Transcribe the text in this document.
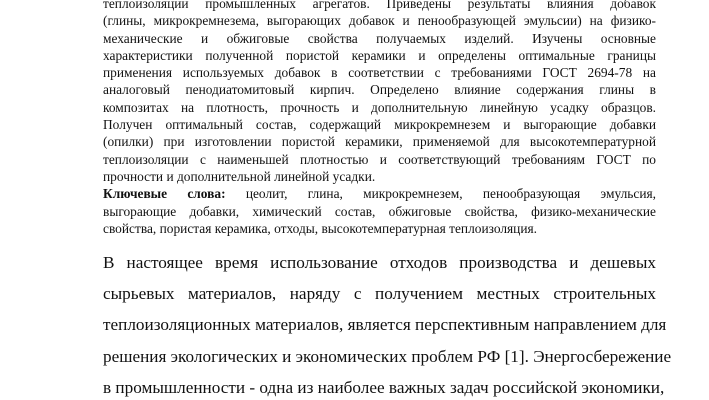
теплоизоляции промышленных агрегатов. Приведены результаты влияния добавок
(глины, микрокремнезема, выгорающих добавок и пенообразующей эмульсии) на физико-
механические и обжиговые свойства получаемых изделий. Изучены основные
характеристики полученной пористой керамики и определены оптимальные границы
применения используемых добавок в соответствии с требованиями ГОСТ 2694-78 на
аналоговый пенодиатомитовый кирпич. Определено влияние содержания глины в
композитах на плотность, прочность и дополнительную линейную усадку образцов.
Получен оптимальный состав, содержащий микрокремнезем и выгорающие добавки
(опилки) при изготовлении пористой керамики, применяемой для высокотемпературной
теплоизоляции с наименьшей плотностью и соответствующий требованиям ГОСТ по
прочности и дополнительной линейной усадки.
Ключевые слова: цеолит, глина, микрокремнезем, пенообразующая эмульсия,
выгорающие добавки, химический состав, обжиговые свойства, физико-механические
свойства, пористая керамика, отходы, высокотемпературная теплоизоляция.
В настоящее время использование отходов производства и дешевых
сырьевых материалов, наряду с получением местных строительных
теплоизоляционных материалов, является перспективным направлением для
решения экологических и экономических проблем РФ [1]. Энергосбережение
в промышленности - одна из наиболее важных задач российской экономики,
